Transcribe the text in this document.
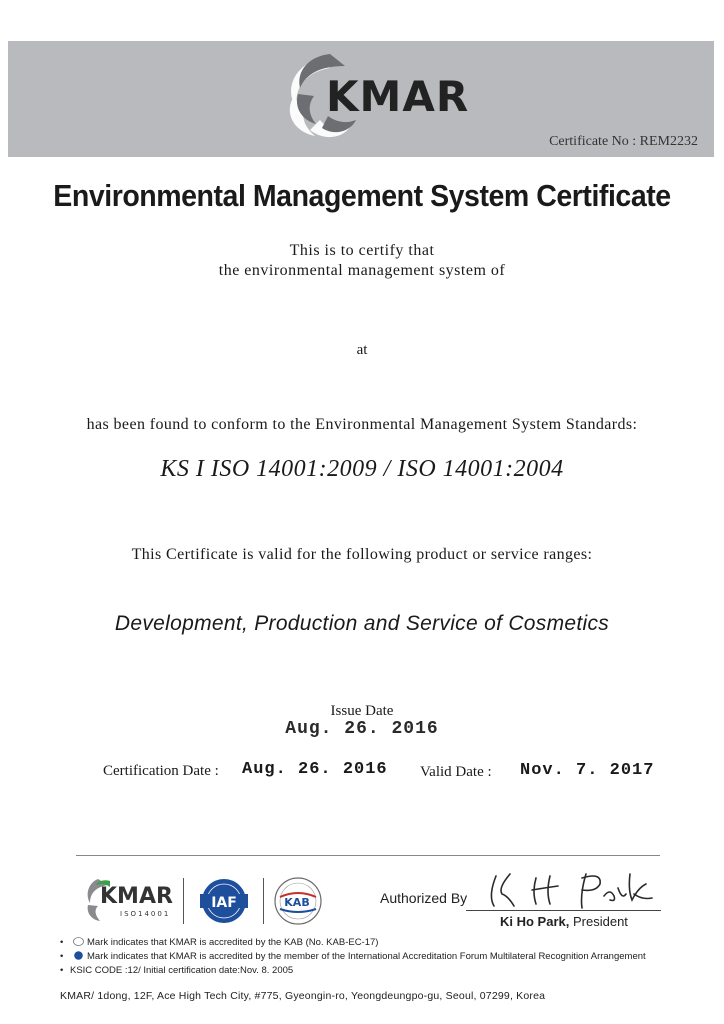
KMAR
Certificate No : REM2232
Environmental Management System Certificate
This is to certify that
the environmental management system of
at
has been found to conform to the Environmental Management System Standards:
KS I ISO 14001:2009 / ISO 14001:2004
This Certificate is valid for the following product or service ranges:
Development, Production and Service of Cosmetics
Issue Date
Aug. 26. 2016
Certification Date : Aug. 26. 2016 Valid Date : Nov. 7. 2017
KMAR
ISO14001
IAF	KAB	Authorized By
Ki Ho Park, President
• Mark indicates that KMAR is accredited by the KAB (No. KAB-EC-17)
• Mark indicates that KMAR is accredited by the member of the International Accreditation Forum Multilateral Recognition Arrangement
• KSIC CODE :12/ Initial certification date:Nov. 8. 2005
KMAR/ 1dong, 12F, Ace High Tech City, #775, Gyeongin-ro, Yeongdeungpo-gu, Seoul, 07299, Korea
